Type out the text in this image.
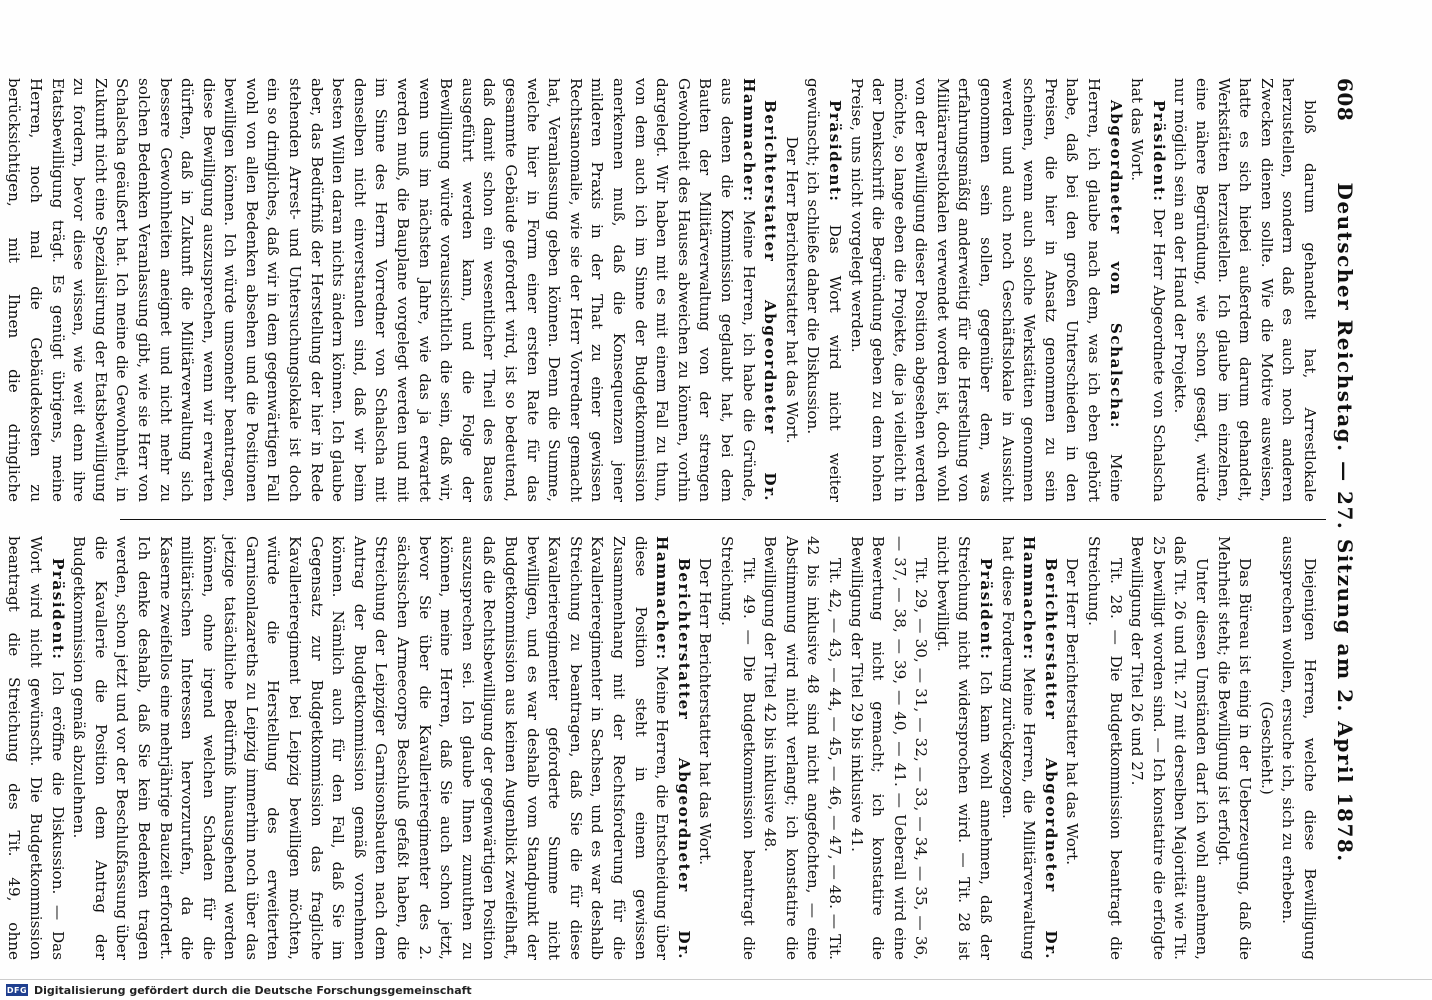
608
Deutscher Reichstag. — 27. Sitzung am 2. April 1878.

bloß darum gehandelt hat, Arrestlokale herzustellen, sondern daß es auch noch anderen Zwecken dienen sollte. Wie die Motive ausweisen, hatte es sich hiebei außerdem darum gehandelt, Werkstätten herzustellen. Ich glaube im einzelnen, eine nähere Begründung, wie schon gesagt, würde nur möglich sein an der Hand der Projekte.

Präsident: Der Herr Abgeordnete von Schalscha hat das Wort.

Abgeordneter von Schalscha: Meine Herren, ich glaube nach dem, was ich eben gehört habe, daß bei den großen Unterschieden in den Preisen, die hier in Ansatz genommen zu sein scheinen, wenn auch solche Werkstätten genommen werden und auch noch Geschäftslokale in Aussicht genommen sein sollen, gegenüber dem, was erfahrungsmäßig anderweitig für die Herstellung von Militärarrestlokalen verwendet worden ist, doch wohl von der Bewilligung dieser Position abgesehen werden möchte, so lange eben die Projekte, die ja vielleicht in der Denkschrift die Begründung geben zu dem hohen Preise, uns nicht vorgelegt werden.

Präsident: Das Wort wird nicht weiter gewünscht; ich schließe daher die Diskussion.

Der Herr Berichterstatter hat das Wort.

Berichterstatter Abgeordneter Dr. Hammacher: Meine Herren, ich habe die Gründe, aus denen die Kommission geglaubt hat, bei dem Bauten der Militärverwaltung von der strengen Gewohnheit des Hauses abweichen zu können, vorhin dargelegt. Wir haben mit es mit einem Fall zu thun, von dem auch ich im Sinne der Budgetkommission anerkennen muß, daß die Konsequenzen jener milderen Praxis in der That zu einer gewissen Rechtsanomalie, wie sie der Herr Vorredner gemacht hat, Veranlassung geben können. Denn die Summe, welche hier in Form einer ersten Rate für das gesammte Gebäude gefordert wird, ist so bedeutend, daß damit schon ein wesentlicher Theil des Baues ausgeführt werden kann, und die Folge der Bewilligung würde voraussichtlich die sein, daß wir, wenn uns im nächsten Jahre, wie das ja erwartet werden muß, die Bauplane vorgelegt werden und mit im Sinne des Herrn Vorredner von Schalscha mit denselben nicht einverstanden sind, daß wir beim besten Willen daran nichts ändern können. Ich glaube aber, das Bedürfniß der Herstellung der hier in Rede stehenden Arrest- und Untersuchungslokale ist doch ein so dringliches, daß wir in dem gegenwärtigen Fall wohl von allen Bedenken absehen und die Positionen bewilligen können. Ich würde umsomehr beantragen, diese Bewilligung auszusprechen, wenn wir erwarten dürften, daß in Zukunft die Militärverwaltung sich bessere Gewohnheiten aneignet und nicht mehr zu solchen Bedenken Veranlassung gibt, wie sie Herr von Schalscha geäußert hat. Ich meine die Gewohnheit, in Zukunft nicht eine Spezialisirung der Etatsbewilligung zu fordern, bevor diese wissen, wie weit denn ihre Etatsbewilligung trägt. Es genügt übrigens, meine Herren, noch mal die Gebäudekosten zu berücksichtigen, mit Ihnen die dringliche

Diejenigen Herren, welche diese Bewilligung aussprechen wollen, ersuche ich, sich zu erheben.

(Geschieht.)

Das Büreau ist einig in der Ueberzeugung, daß die Mehrheit steht; die Bewilligung ist erfolgt.

Unter diesen Umständen darf ich wohl annehmen, daß Tit. 26 und Tit. 27 mit derselben Majorität wie Tit. 25 bewilligt worden sind. — Ich konstatire die erfolgte Bewilligung der Titel 26 und 27.

Tit. 28. — Die Budgetkommission beantragt die Streichung.

Der Herr Berichterstatter hat das Wort.

Berichterstatter Abgeordneter Dr. Hammacher: Meine Herren, die Militärverwaltung hat diese Forderung zurückgezogen.

Präsident: Ich kann wohl annehmen, daß der Streichung nicht widersprochen wird. — Tit. 28 ist nicht bewilligt.

Tit. 29, — 30, — 31, — 32, — 33, — 34, — 35, — 36, — 37, — 38, — 39, — 40, — 41. — Ueberall wird eine Bewertung nicht gemacht; ich konstatire die Bewilligung der Titel 29 bis inklusive 41.

Tit. 42, — 43, — 44, — 45, — 46, — 47, — 48. — Tit. 42 bis inklusive 48 sind nicht angefochten, — eine Abstimmung wird nicht verlangt; ich konstatire die Bewilligung der Titel 42 bis inklusive 48.

Tit. 49. — Die Budgetkommission beantragt die Streichung.

Der Herr Berichterstatter hat das Wort.

Berichterstatter Abgeordneter Dr. Hammacher: Meine Herren, die Entscheidung über diese Position steht in einem gewissen Zusammenhang mit der Rechtsforderung für die Kavallerieregimenter in Sachsen, und es war deshalb Streichung zu beantragen, daß Sie die für diese Kavallerieregimenter geforderte Summe nicht bewilligen, und es war deshalb vom Standpunkt der Budgetkommission aus keinen Augenblick zweifelhaft, daß die Rechtsbewilligung der gegenwärtigen Position auszusprechen sei. Ich glaube Ihnen zumuthen zu können, meine Herren, daß Sie auch schon jetzt, bevor Sie über die Kavallerieregimenter des 2. sächsischen Armeecorps Beschluß gefaßt haben, die Streichung der Leipziger Garnisonsbauten nach dem Antrag der Budgetkommission gemäß vornehmen können. Nämlich auch für den Fall, daß Sie im Gegensatz zur Budgetkommission das fragliche Kavallerieregiment bei Leipzig bewilligen möchten, würde die Herstellung des erweiterten Garnisonlazareths zu Leipzig immerhin noch über das jetzige tatsächliche Bedürfniß hinausgehend werden können, ohne irgend welchen Schaden für die militärischen Interessen hervorzurufen, da die Kaserne zweifellos eine mehrjährige Bauzeit erfordert. Ich denke deshalb, daß Sie kein Bedenken tragen werden, schon jetzt und vor der Beschlußfassung über die Kavallerie die Position dem Antrag der Budgetkommission gemäß abzulehnen.

Präsident: Ich eröffne die Diskussion. — Das Wort wird nicht gewünscht. Die Budgetkommission beantragt die Streichung des Tit. 49, ohne

DFG Digitalisierung gefördert durch die Deutsche Forschungsgemeinschaft
